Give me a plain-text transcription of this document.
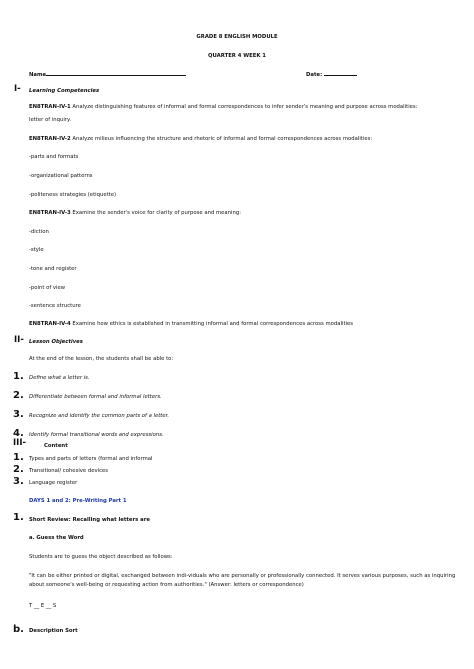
GRADE 8 ENGLISH MODULE
QUARTER 4 WEEK 1
Name	Date:
I- Learning Competencies
EN8TRAN-IV-1 Analyze distinguishing features of informal and formal correspondences to infer sender's meaning and purpose across modalities:
letter of inquiry.
EN8TRAN-IV-2 Analyze milieus influencing the structure and rhetoric of informal and formal correspondences across modalities:
-parts and formats
-organizational patterns
-politeness strategies (etiquette)
EN8TRAN-IV-3 Examine the sender's voice for clarity of purpose and meaning:
-diction
-style
-tone and register
-point of view
-sentence structure
EN8TRAN-IV-4 Examine how ethics is established in transmitting informal and formal correspondences across modalities
II- Lesson Objectives
At the end of the lesson, the students shall be able to:
1. Define what a letter is.
2. Differentiate between formal and informal letters.
3. Recognize and identify the common parts of a letter.
4. Identify formal transitional words and expressions.
III-	Content
1. Types and parts of letters (formal and informal
2. Transitional/ cohesive devices
3. Language register
DAYS 1 and 2: Pre-Writing Part 1
1. Short Review: Recalling what letters are
a. Guess the Word
Students are to guess the object described as follows:
"It can be either printed or digital, exchanged between indi-viduals who are personally or professionally connected. It serves various purposes, such as inquiring about someone's well-being or requesting action from authorities." (Answer: letters or correspondence)
T __ E __ S
b. Description Sort
